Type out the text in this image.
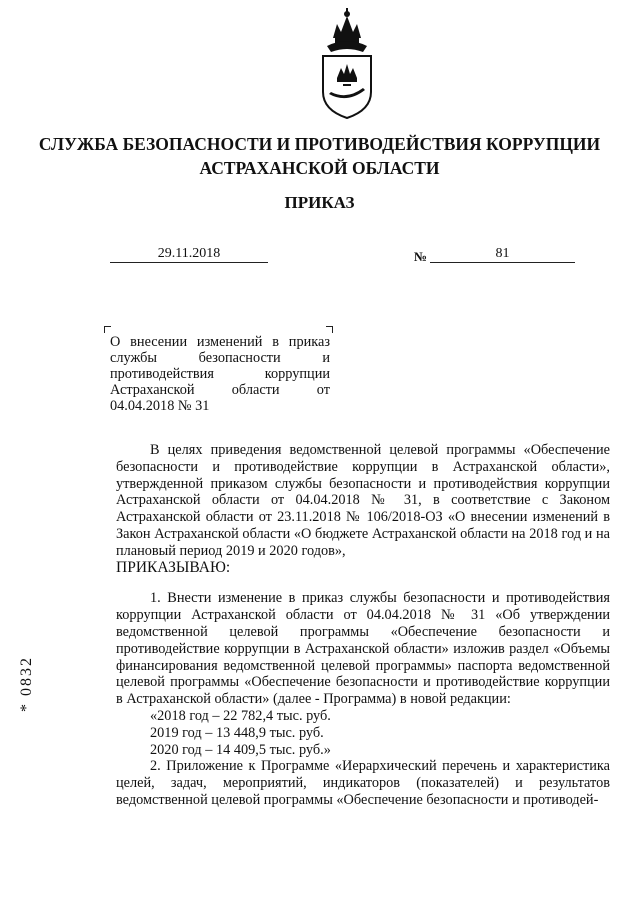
СЛУЖБА БЕЗОПАСНОСТИ И ПРОТИВОДЕЙСТВИЯ КОРРУПЦИИ
АСТРАХАНСКОЙ ОБЛАСТИ
ПРИКАЗ
29.11.2018	№	81
О внесении изменений в приказ службы безопасности и противодействия коррупции Астраханской области от 04.04.2018 № 31

В целях приведения ведомственной целевой программы «Обеспечение безопасности и противодействие коррупции в Астраханской области», утвержденной приказом службы безопасности и противодействия коррупции Астраханской области от 04.04.2018 № 31, в соответствие с Законом Астраханской области от 23.11.2018 № 106/2018-ОЗ «О внесении изменений в Закон Астраханской области «О бюджете Астраханской области на 2018 год и на плановый период 2019 и 2020 годов»,

ПРИКАЗЫВАЮ:

1. Внести изменение в приказ службы безопасности и противодействия коррупции Астраханской области от 04.04.2018 № 31 «Об утверждении ведомственной целевой программы «Обеспечение безопасности и противодействие коррупции в Астраханской области» изложив раздел «Объемы финансирования ведомственной целевой программы» паспорта ведомственной целевой программы «Обеспечение безопасности и противодействие коррупции в Астраханской области» (далее - Программа) в новой редакции:

«2018 год – 22 782,4 тыс. руб.

2019 год – 13 448,9 тыс. руб.

2020 год – 14 409,5 тыс. руб.»

2. Приложение к Программе «Иерархический перечень и характеристика целей, задач, мероприятий, индикаторов (показателей) и результатов ведомственной целевой программы «Обеспечение безопасности и противодей-

* 0832
